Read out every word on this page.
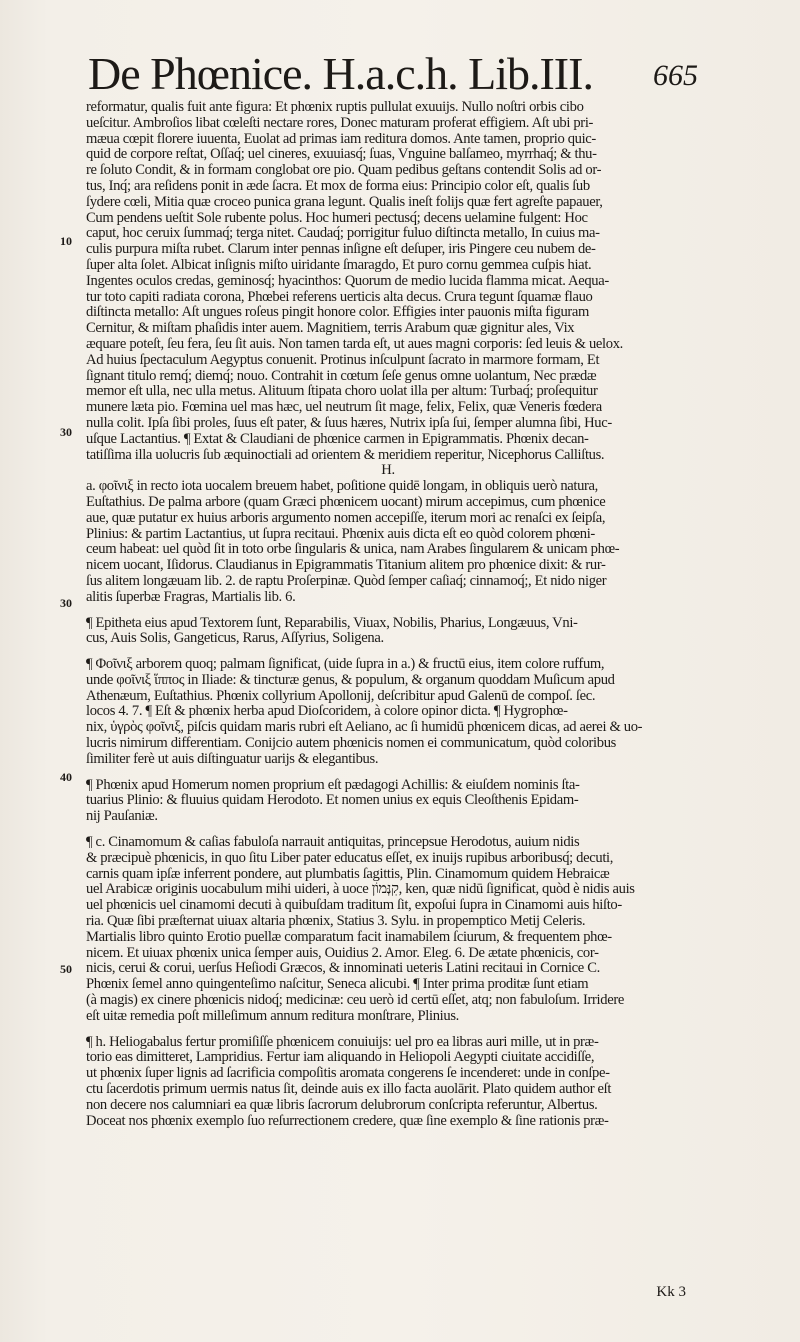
De Phœnice. H.a.c.h. Lib.III. 665
10
30
30
40
50
reformatur, qualis fuit ante figura: Et phœnix ruptis pullulat exuuijs. Nullo noſtri orbis cibo
ueſcitur. Ambroſios libat cœleſti nectare rores, Donec maturam proferat effigiem. Aſt ubi pri-
mæua cœpit florere iuuenta, Euolat ad primas iam reditura domos. Ante tamen, proprio quic-
quid de corpore reſtat, Oſſaq́; uel cineres, exuuiasq́; ſuas, Vnguine balſameo, myrrhaq́; & thu-
re ſoluto Condit, & in formam conglobat ore pio. Quam pedibus geſtans contendit Solis ad or-
tus, Inq́; ara reſidens ponit in æde ſacra. Et mox de forma eius: Principio color eſt, qualis ſub
ſydere cœli, Mitia quæ croceo punica grana legunt. Qualis ineſt folijs quæ fert agreſte papauer,
Cum pendens ueſtit Sole rubente polus. Hoc humeri pectusq́; decens uelamine fulgent: Hoc
caput, hoc ceruix ſummaq́; terga nitet. Caudaq́; porrigitur fuluo diſtincta metallo, In cuius ma-
culis purpura miſta rubet. Clarum inter pennas inſigne eſt deſuper, iris Pingere ceu nubem de-
ſuper alta ſolet. Albicat inſignis miſto uiridante ſmaragdo, Et puro cornu gemmea cuſpis hiat.
Ingentes oculos credas, geminosq́; hyacinthos: Quorum de medio lucida flamma micat. Aequa-
tur toto capiti radiata corona, Phœbei referens uerticis alta decus. Crura tegunt ſquamæ flauo
diſtincta metallo: Aſt ungues roſeus pingit honore color. Effigies inter pauonis miſta figuram
Cernitur, & miſtam phaſidis inter auem. Magnitiem, terris Arabum quæ gignitur ales, Vix
æquare poteſt, ſeu fera, ſeu ſit auis. Non tamen tarda eſt, ut aues magni corporis: ſed leuis & uelox.
Ad huius ſpectaculum Aegyptus conuenit. Protinus inſculpunt ſacrato in marmore formam, Et
ſignant titulo remq́; diemq́; nouo. Contrahit in cœtum ſeſe genus omne uolantum, Nec prædæ
memor eſt ulla, nec ulla metus. Alituum ſtipata choro uolat illa per altum: Turbaq́; proſequitur
munere læta pio. Fœmina uel mas hæc, uel neutrum ſit mage, felix, Felix, quæ Veneris fœdera
nulla colit. Ipſa ſibi proles, ſuus eſt pater, & ſuus hæres, Nutrix ipſa ſui, ſemper alumna ſibi, Huc-
uſque Lactantius. ¶ Extat & Claudiani de phœnice carmen in Epigrammatis. Phœnix decan-
tatiſſima illa uolucris ſub æquinoctiali ad orientem & meridiem reperitur, Nicephorus Calliſtus.
H.
a. φοῖνιξ in recto iota uocalem breuem habet, poſitione quidē longam, in obliquis uerò natura,
Euſtathius. De palma arbore (quam Græci phœnicem uocant) mirum accepimus, cum phœnice
aue, quæ putatur ex huius arboris argumento nomen accepiſſe, iterum mori ac renaſci ex ſeipſa,
Plinius: & partim Lactantius, ut ſupra recitaui. Phœnix auis dicta eſt eo quòd colorem phœni-
ceum habeat: uel quòd ſit in toto orbe ſingularis & unica, nam Arabes ſingularem & unicam phœ-
nicem uocant, Iſidorus. Claudianus in Epigrammatis Titanium alitem pro phœnice dixit: & rur-
ſus alitem longæuam lib. 2. de raptu Proſerpinæ. Quòd ſemper caſiaq́; cinnamoq́;, Et nido niger
alitis ſuperbæ Fragras, Martialis lib. 6.
¶ Epitheta eius apud Textorem ſunt, Reparabilis, Viuax, Nobilis, Pharius, Longæuus, Vni-
cus, Auis Solis, Gangeticus, Rarus, Aſſyrius, Soligena.
¶ Φοῖνιξ arborem quoq; palmam ſignificat, (uide ſupra in a.) & fructū eius, item colore ruffum,
unde φοῖνιξ ἵππος in Iliade: & tincturæ genus, & populum, & organum quoddam Muſicum apud
Athenæum, Euſtathius. Phœnix collyrium Apollonij, deſcribitur apud Galenū de compoſ. ſec.
locos 4. 7. ¶ Eſt & phœnix herba apud Dioſcoridem, à colore opinor dicta. ¶ Hygrophœ-
nix, ὑγρὸς φοῖνιξ, piſcis quidam maris rubri eſt Aeliano, ac ſi humidū phœnicem dicas, ad aerei & uo-
lucris nimirum differentiam. Conijcio autem phœnicis nomen ei communicatum, quòd coloribus
ſimiliter ferè ut auis diſtinguatur uarijs & elegantibus.
¶ Phœnix apud Homerum nomen proprium eſt pædagogi Achillis: & eiuſdem nominis ſta-
tuarius Plinio: & fluuius quidam Herodoto. Et nomen unius ex equis Cleoſthenis Epidam-
nij Pauſaniæ.
¶ c. Cinamomum & caſias fabuloſa narrauit antiquitas, princepsue Herodotus, auium nidis
& præcipuè phœnicis, in quo ſitu Liber pater educatus eſſet, ex inuijs rupibus arboribusq́; decuti,
carnis quam ipſæ inferrent pondere, aut plumbatis ſagittis, Plin. Cinamomum quidem Hebraicæ
uel Arabicæ originis uocabulum mihi uideri, à uoce קִנְּמוֹן, ken, quæ nidū ſignificat, quòd è nidis auis
uel phœnicis uel cinamomi decuti à quibuſdam traditum ſit, expoſui ſupra in Cinamomi auis hiſto-
ria. Quæ ſibi præſternat uiuax altaria phœnix, Statius 3. Sylu. in propemptico Metij Celeris.
Martialis libro quinto Erotio puellæ comparatum facit inamabilem ſciurum, & frequentem phœ-
nicem. Et uiuax phœnix unica ſemper auis, Ouidius 2. Amor. Eleg. 6. De ætate phœnicis, cor-
nicis, cerui & corui, uerſus Heſiodi Græcos, & innominati ueteris Latini recitaui in Cornice C.
Phœnix ſemel anno quingenteſimo naſcitur, Seneca alicubi. ¶ Inter prima proditæ ſunt etiam
(à magis) ex cinere phœnicis nidoq́; medicinæ: ceu uerò id certū eſſet, atq; non fabuloſum. Irridere
eſt uitæ remedia poſt milleſimum annum reditura monſtrare, Plinius.
¶ h. Heliogabalus fertur promiſiſſe phœnicem conuiuijs: uel pro ea libras auri mille, ut in præ-
torio eas dimitteret, Lampridius. Fertur iam aliquando in Heliopoli Aegypti ciuitate accidiſſe,
ut phœnix ſuper lignis ad ſacrificia compoſitis aromata congerens ſe incenderet: unde in conſpe-
ctu ſacerdotis primum uermis natus ſit, deinde auis ex illo facta auolārit. Plato quidem author eſt
non decere nos calumniari ea quæ libris ſacrorum delubrorum conſcripta referuntur, Albertus.
Doceat nos phœnix exemplo ſuo reſurrectionem credere, quæ ſine exemplo & ſine rationis præ-
Kk 3
